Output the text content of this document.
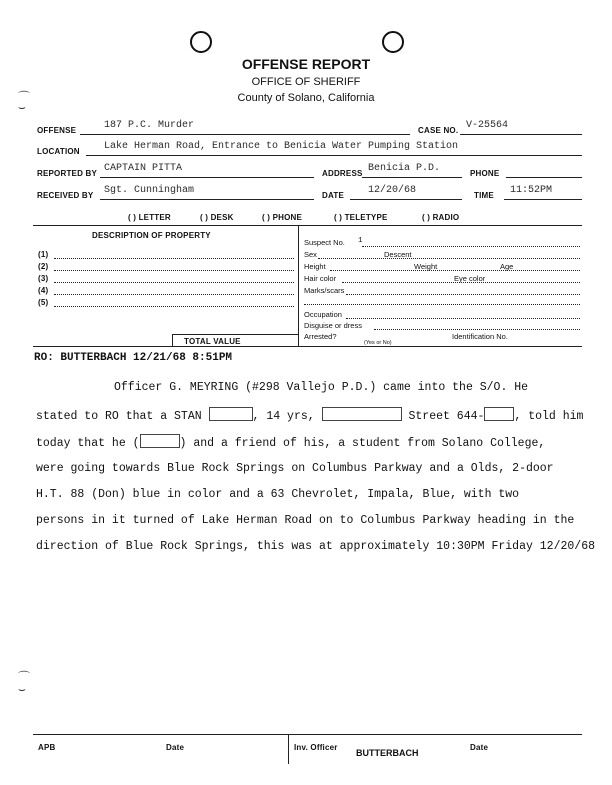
⌒
⌣
⌒
⌣
OFFENSE REPORT
OFFICE OF SHERIFF
County of Solano, California
OFFENSE	187 P.C. Murder	CASE NO. V-25564
LOCATION Lake Herman Road, Entrance to Benicia Water Pumping Station
REPORTED BY CAPTAIN PITTA	ADDRESS Benicia P.D.	PHONE
RECEIVED BY Sgt. Cunningham	DATE 12/20/68	TIME 11:52PM
( ) LETTER	( ) DESK	( ) PHONE	( ) TELETYPE	( ) RADIO
DESCRIPTION OF PROPERTY
(1)
(2)
(3)
(4)
(5)
TOTAL VALUE
Suspect No. 1
Sex	Descent
Height	Weight	Age
Hair color	Eye color
Marks/scars
Occupation
Disguise or dress
Arrested?
(Yes or No)
Identification No.
RO: BUTTERBACH 12/21/68 8:51PM
Officer G. MEYRING (#298 Vallejo P.D.) came into the S/O. He
stated to RO that a STAN	, 14 yrs,	Street 644-	, told him
today that he (	) and a friend of his, a student from Solano College,
were going towards Blue Rock Springs on Columbus Parkway and a Olds, 2-door
H.T. 88 (Don) blue in color and a 63 Chevrolet, Impala, Blue, with two
persons in it turned of Lake Herman Road on to Columbus Parkway heading in the
direction of Blue Rock Springs, this was at approximately 10:30PM Friday 12/20/68
APB	Date	Inv. Officer
BUTTERBACH
Date
